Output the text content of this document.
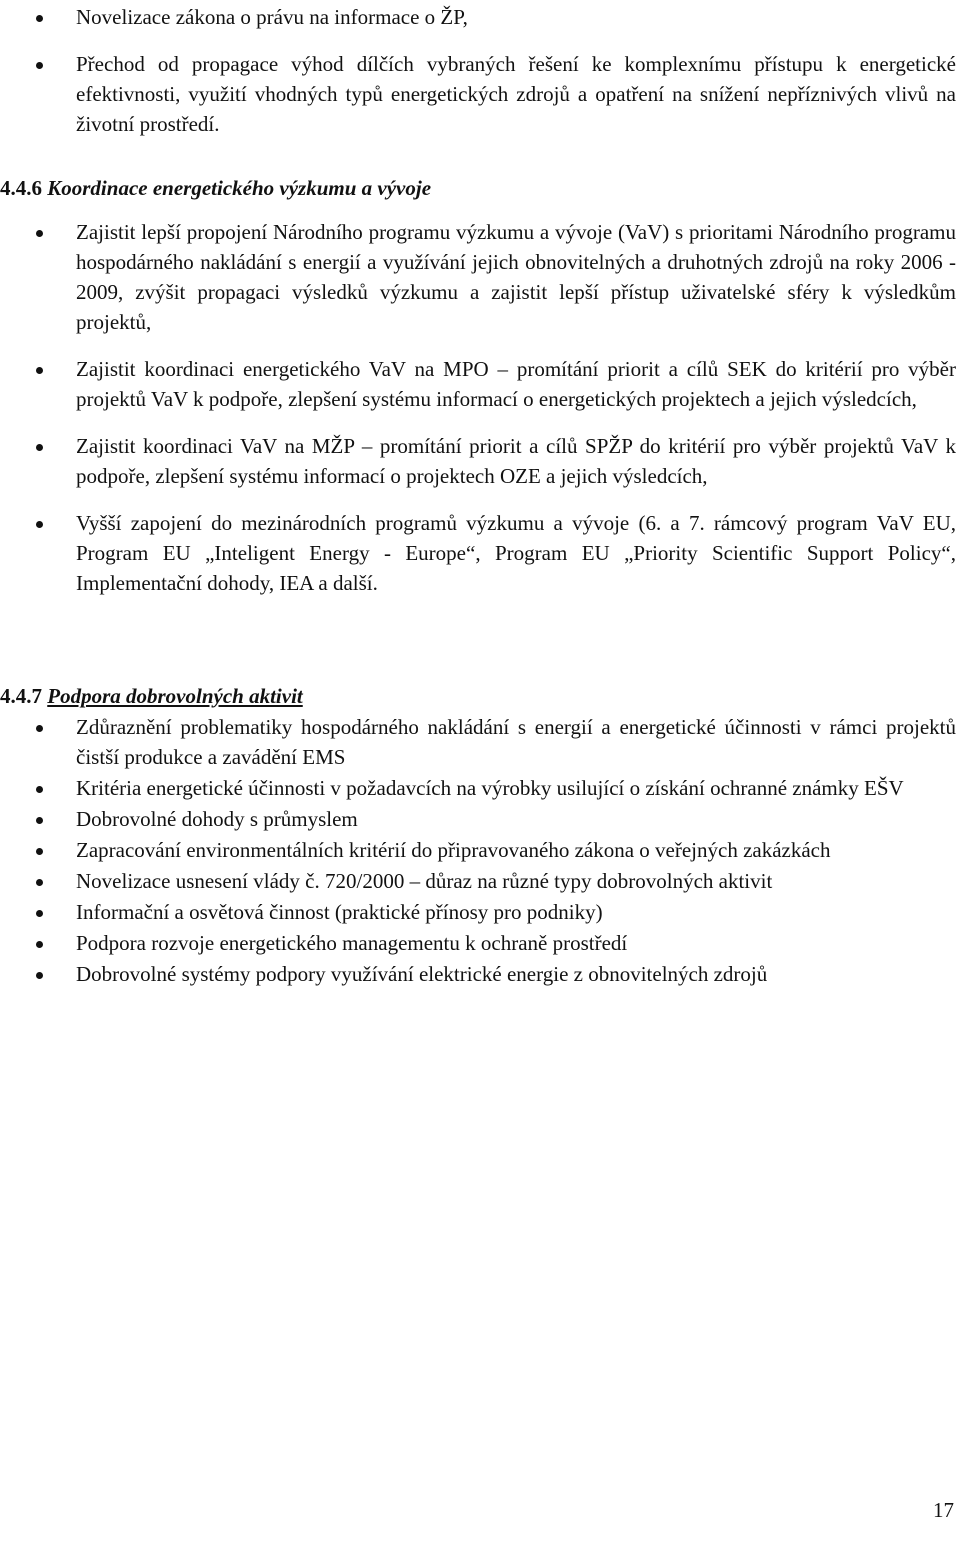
Novelizace zákona o právu na informace o ŽP,
Přechod od propagace výhod dílčích vybraných řešení ke komplexnímu přístupu k energetické efektivnosti, využití vhodných typů energetických zdrojů a opatření na snížení nepříznivých vlivů na životní prostředí.

4.4.6 Koordinace energetického výzkumu a vývoje

Zajistit lepší propojení Národního programu výzkumu a vývoje (VaV) s prioritami Národního programu hospodárného nakládání s energií a využívání jejich obnovitelných a druhotných zdrojů na roky 2006 - 2009, zvýšit propagaci výsledků výzkumu a zajistit lepší přístup uživatelské sféry k výsledkům projektů,
Zajistit koordinaci energetického VaV na MPO – promítání priorit a cílů SEK do kritérií pro výběr projektů VaV k podpoře, zlepšení systému informací o energetických projektech a jejich výsledcích,
Zajistit koordinaci VaV na MŽP – promítání priorit a cílů SPŽP do kritérií pro výběr projektů VaV k podpoře, zlepšení systému informací o projektech OZE a jejich výsledcích,
Vyšší zapojení do mezinárodních programů výzkumu a vývoje (6. a 7. rámcový program VaV EU, Program EU „Inteligent Energy - Europe“, Program EU „Priority Scientific Support Policy“, Implementační dohody, IEA a další.

4.4.7 Podpora dobrovolných aktivit

Zdůraznění problematiky hospodárného nakládání s energií a energetické účinnosti v rámci projektů čistší produkce a zavádění EMS
Kritéria energetické účinnosti v požadavcích na výrobky usilující o získání ochranné známky EŠV
Dobrovolné dohody s průmyslem
Zapracování environmentálních kritérií do připravovaného zákona o veřejných zakázkách
Novelizace usnesení vlády č. 720/2000 – důraz na různé typy dobrovolných aktivit
Informační a osvětová činnost (praktické přínosy pro podniky)
Podpora rozvoje energetického managementu k ochraně prostředí
Dobrovolné systémy podpory využívání elektrické energie z obnovitelných zdrojů
17
